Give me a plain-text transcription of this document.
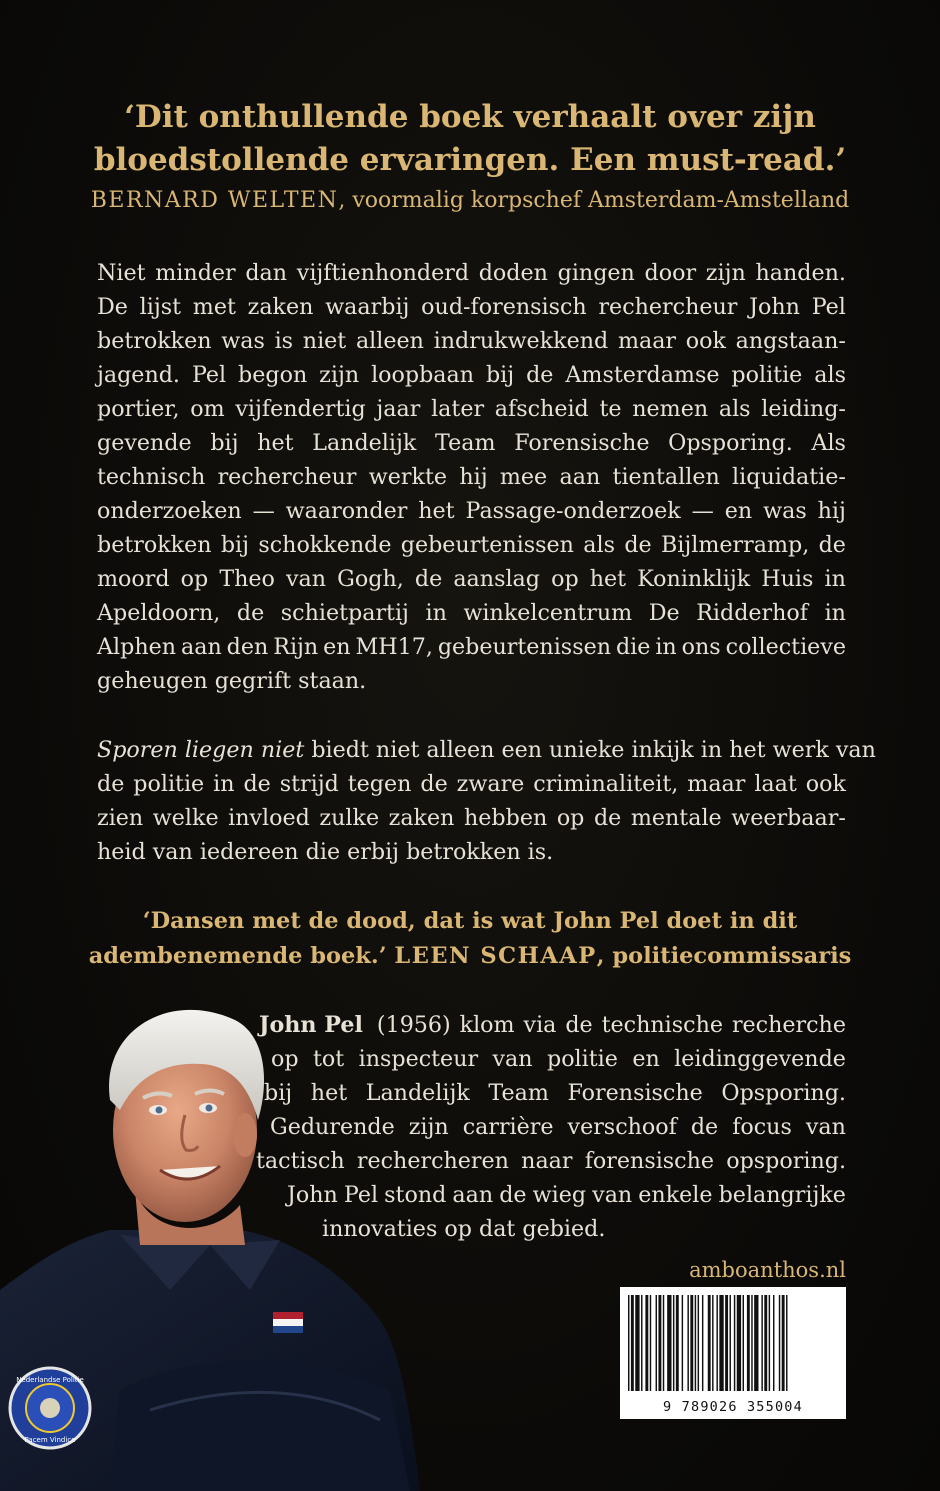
‘Dit onthullende boek verhaalt over zijn
bloedstollende ervaringen. Een must-read.’
BERNARD WELTEN, voormalig korpschef Amsterdam-Amstelland
Niet minder dan vijftienhonderd doden gingen door zijn handen.
De lijst met zaken waarbij oud-forensisch rechercheur John Pel
betrokken was is niet alleen indrukwekkend maar ook angstaan-
jagend. Pel begon zijn loopbaan bij de Amsterdamse politie als
portier, om vijfendertig jaar later afscheid te nemen als leiding-
gevende bij het Landelijk Team Forensische Opsporing. Als
technisch rechercheur werkte hij mee aan tientallen liquidatie-
onderzoeken — waaronder het Passage-onderzoek — en was hij
betrokken bij schokkende gebeurtenissen als de Bijlmerramp, de
moord op Theo van Gogh, de aanslag op het Koninklijk Huis in
Apeldoorn, de schietpartij in winkelcentrum De Ridderhof in
Alphen aan den Rijn en MH17, gebeurtenissen die in ons collectieve
geheugen gegrift staan.
Sporen liegen niet biedt niet alleen een unieke inkijk in het werk van
de politie in de strijd tegen de zware criminaliteit, maar laat ook
zien welke invloed zulke zaken hebben op de mentale weerbaar-
heid van iedereen die erbij betrokken is.
‘Dansen met de dood, dat is wat John Pel doet in dit
adembenemende boek.’ LEEN SCHAAP, politiecommissaris
Nederlandse Politie
Pacem Vindice
John Pel (1956) klom via de technische recherche
op tot inspecteur van politie en leidinggevende
bij het Landelijk Team Forensische Opsporing.
Gedurende zijn carrière verschoof de focus van
tactisch rechercheren naar forensische opsporing.
John Pel stond aan de wieg van enkele belangrijke
innovaties op dat gebied.
amboanthos.nl
9 789026 355004
